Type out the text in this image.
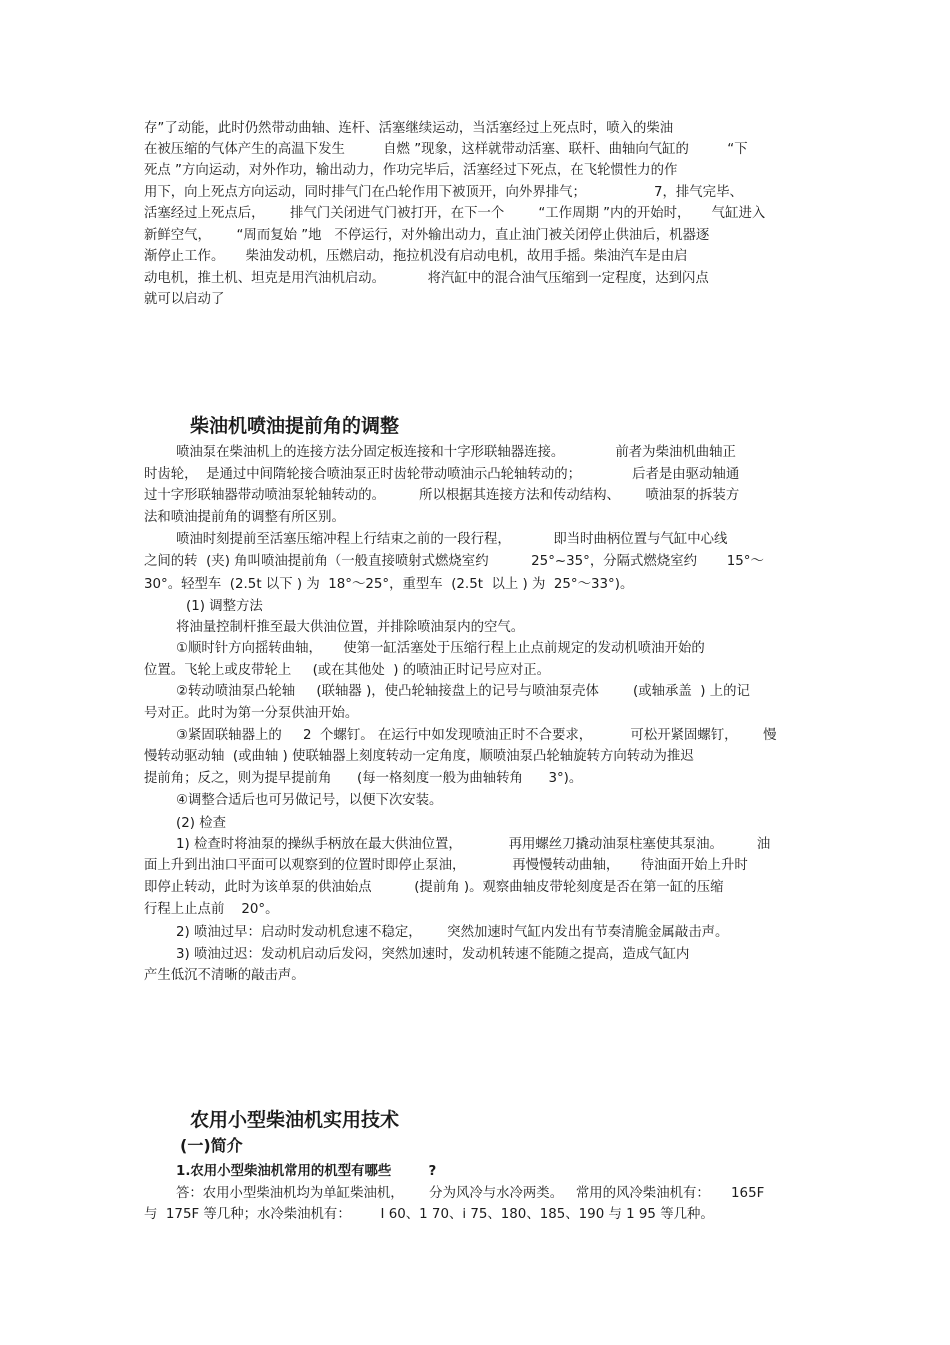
存”了动能，此时仍然带动曲轴、连杆、活塞继续运动，当活塞经过上死点时，喷入的柴油

在被压缩的气体产生的高温下发生         自燃 ”现象，这样就带动活塞、联杆、曲轴向气缸的         “下

死点 ”方向运动，对外作功，输出动力，作功完毕后，活塞经过下死点，在飞轮惯性力的作

用下，向上死点方向运动，同时排气门在凸轮作用下被顶开，向外界排气；                7，排气完毕、

活塞经过上死点后，      排气门关闭进气门被打开，在下一个        “工作周期 ”内的开始时，     气缸进入

新鲜空气，      “周而复始 ”地   不停运行，对外输出动力，直止油门被关闭停止供油后，机器逐

渐停止工作。     柴油发动机，压燃启动，拖拉机没有启动电机，故用手摇。柴油汽车是由启

动电机，推土机、坦克是用汽油机启动。          将汽缸中的混合油气压缩到一定程度，达到闪点

就可以启动了

柴油机喷油提前角的调整

喷油泵在柴油机上的连接方法分固定板连接和十字形联轴器连接。            前者为柴油机曲轴正

时齿轮，  是通过中间隋轮接合喷油泵正时齿轮带动喷油示凸轮轴转动的；            后者是由驱动轴通

过十字形联轴器带动喷油泵轮轴转动的。        所以根据其连接方法和传动结构、      喷油泵的拆装方

法和喷油提前角的调整有所区别。

喷油时刻提前至活塞压缩冲程上行结束之前的一段行程，          即当时曲柄位置与气缸中心线

之间的转  (夹) 角叫喷油提前角（一般直接喷射式燃烧室约          25°~35°，分隔式燃烧室约       15°～

30°。轻型车  (2.5t 以下 ) 为  18°～25°，重型车  (2.5t  以上 ) 为  25°～33°)。

(1) 调整方法

将油量控制杆推至最大供油位置，并排除喷油泵内的空气。

①顺时针方向摇转曲轴，     使第一缸活塞处于压缩行程上止点前规定的发动机喷油开始的

位置。飞轮上或皮带轮上     (或在其他处  ) 的喷油正时记号应对正。

②转动喷油泵凸轮轴     (联轴器 )，使凸轮轴接盘上的记号与喷油泵壳体        (或轴承盖  ) 上的记

号对正。此时为第一分泵供油开始。

③紧固联轴器上的     2  个螺钉。 在运行中如发现喷油正时不合要求，         可松开紧固螺钉，      慢

慢转动驱动轴  (或曲轴 ) 使联轴器上刻度转动一定角度，顺喷油泵凸轮轴旋转方向转动为推迟

提前角；反之，则为提早提前角      (每一格刻度一般为曲轴转角      3°)。

④调整合适后也可另做记号，以便下次安装。

(2) 检查

1) 检查时将油泵的操纵手柄放在最大供油位置，           再用螺丝刀撬动油泵柱塞使其泵油。        油

面上升到出油口平面可以观察到的位置时即停止泵油，           再慢慢转动曲轴，     待油面开始上升时

即停止转动，此时为该单泵的供油始点          (提前角 )。观察曲轴皮带轮刻度是否在第一缸的压缩

行程上止点前    20°。

2) 喷油过早：启动时发动机怠速不稳定，      突然加速时气缸内发出有节奏清脆金属敲击声。

3) 喷油过迟：发动机启动后发闷，突然加速时，发动机转速不能随之提高，造成气缸内

产生低沉不清晰的敲击声。

农用小型柴油机实用技术
(一)简介

1.农用小型柴油机常用的机型有哪些        ?

答：农用小型柴油机均为单缸柴油机，      分为风冷与水冷两类。   常用的风冷柴油机有：     165F

与  175F 等几种；水冷柴油机有：       I 60、1 70、i 75、180、185、190 与 1 95 等几种。
